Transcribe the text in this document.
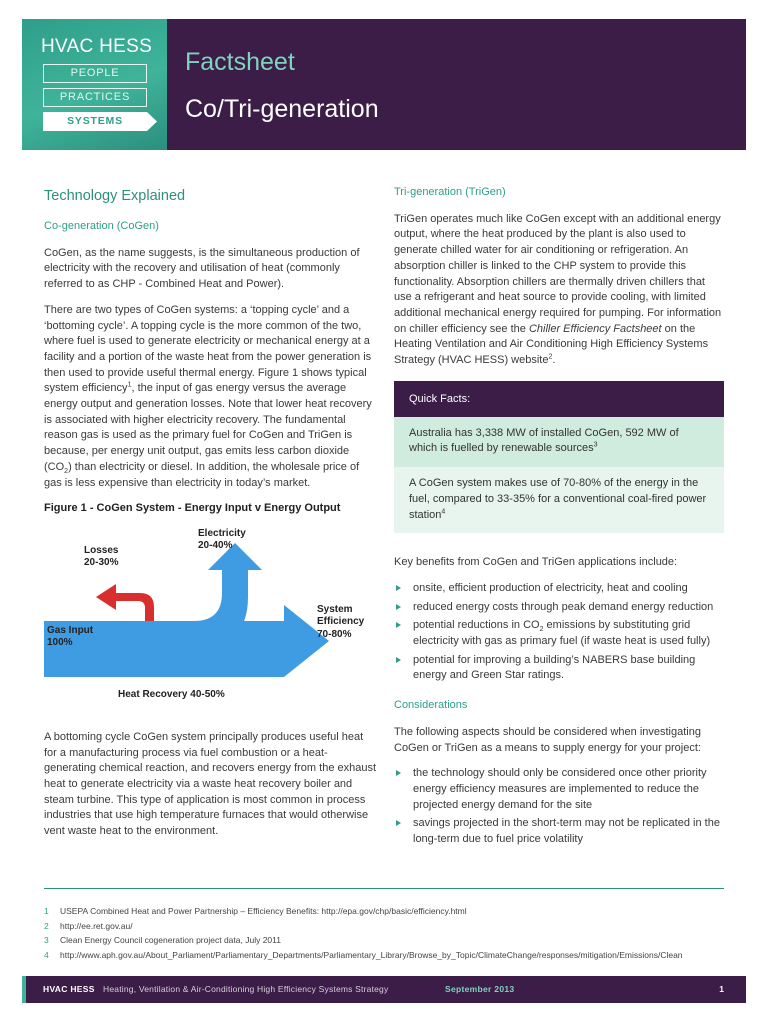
HVAC HESS
PEOPLE
PRACTICES
SYSTEMS
Factsheet
Co/Tri-generation
Technology Explained
Co-generation (CoGen)

CoGen, as the name suggests, is the simultaneous production of electricity with the recovery and utilisation of heat (commonly referred to as CHP - Combined Heat and Power).

There are two types of CoGen systems: a ‘topping cycle’ and a ‘bottoming cycle’. A topping cycle is the more common of the two, where fuel is used to generate electricity or mechanical energy at a facility and a portion of the waste heat from the power generation is then used to provide useful thermal energy. Figure 1 shows typical system efficiency$^1$, the input of gas energy versus the average energy output and generation losses. Note that lower heat recovery is associated with higher electricity recovery. The fundamental reason gas is used as the primary fuel for CoGen and TriGen is because, per energy unit output, gas emits less carbon dioxide $(CO_2)$ than electricity or diesel. In addition, the wholesale price of gas is less expensive than electricity in today’s market.

Figure 1 - CoGen System - Energy Input v Energy Output
Losses
20-30%
Electricity
20-40%
Gas Input
100%
System
Efficiency
70-80%
Heat Recovery 40-50%

A bottoming cycle CoGen system principally produces useful heat for a manufacturing process via fuel combustion or a heat-generating chemical reaction, and recovers energy from the exhaust heat to generate electricity via a waste heat recovery boiler and steam turbine. This type of application is most common in process industries that use high temperature furnaces that would otherwise vent waste heat to the environment.

Tri-generation (TriGen)

TriGen operates much like CoGen except with an additional energy output, where the heat produced by the plant is also used to generate chilled water for air conditioning or refrigeration. An absorption chiller is linked to the CHP system to provide this functionality. Absorption chillers are thermally driven chillers that use a refrigerant and heat source to provide cooling, with limited additional mechanical energy required for pumping. For information on chiller efficiency see the Chiller Efficiency Factsheet on the Heating Ventilation and Air Conditioning High Efficiency Systems Strategy (HVAC HESS) website$^2$.

Quick Facts:
Australia has 3,338 MW of installed CoGen, 592 MW of which is fuelled by renewable sources$^3$
A CoGen system makes use of 70-80% of the energy in the fuel, compared to 33-35% for a conventional coal-fired power station$^4$

Key benefits from CoGen and TriGen applications include:

onsite, efficient production of electricity, heat and cooling
reduced energy costs through peak demand energy reduction
potential reductions in $CO_2$ emissions by substituting grid electricity with gas as primary fuel (if waste heat is used fully)
potential for improving a building’s NABERS base building energy and Green Star ratings.
Considerations

The following aspects should be considered when investigating CoGen or TriGen as a means to supply energy for your project:

the technology should only be considered once other priority energy efficiency measures are implemented to reduce the projected energy demand for the site
savings projected in the short-term may not be replicated in the long-term due to fuel price volatility
1 USEPA Combined Heat and Power Partnership – Efficiency Benefits: http://epa.gov/chp/basic/efficiency.html
2 http://ee.ret.gov.au/
3 Clean Energy Council cogeneration project data, July 2011
4 http://www.aph.gov.au/About_Parliament/Parliamentary_Departments/Parliamentary_Library/Browse_by_Topic/ClimateChange/responses/mitigation/Emissions/Clean
HVAC HESS Heating, Ventilation & Air-Conditioning High Efficiency Systems Strategy	September 2013	1
